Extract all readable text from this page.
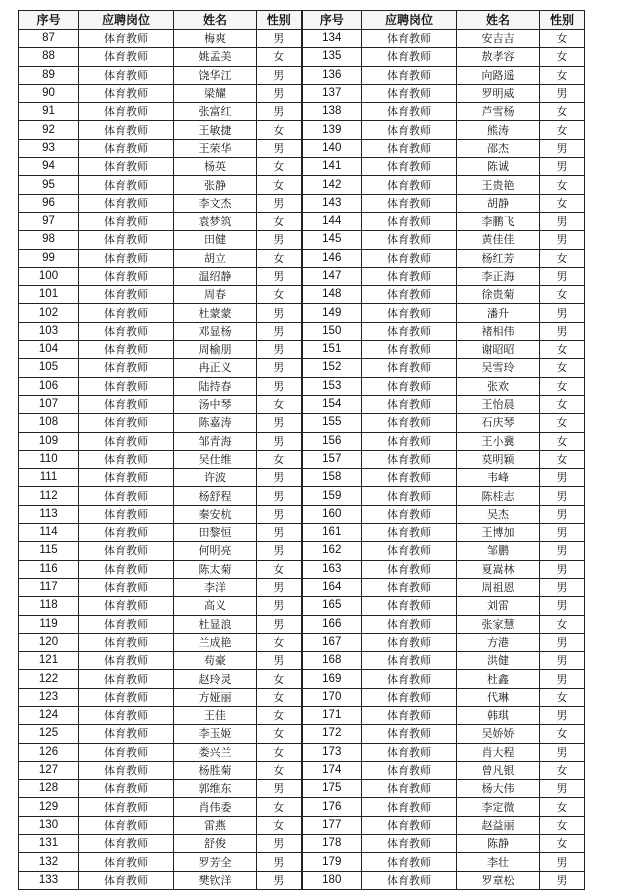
序号	应聘岗位	姓名	性别	序号	应聘岗位	姓名	性别
87	体育教师	梅爽	男	134	体育教师	安吉吉	女
88	体育教师	姚孟美	女	135	体育教师	敖孝容	女
89	体育教师	饶华江	男	136	体育教师	向路遥	女
90	体育教师	梁耀	男	137	体育教师	罗明威	男
91	体育教师	张富红	男	138	体育教师	芦雪杨	女
92	体育教师	王敏捷	女	139	体育教师	熊涛	女
93	体育教师	王荣华	男	140	体育教师	邵杰	男
94	体育教师	杨英	女	141	体育教师	陈诚	男
95	体育教师	张静	女	142	体育教师	王贵艳	女
96	体育教师	李文杰	男	143	体育教师	胡静	女
97	体育教师	袁梦筑	女	144	体育教师	李鹏飞	男
98	体育教师	田健	男	145	体育教师	黄佳佳	男
99	体育教师	胡立	女	146	体育教师	杨红芳	女
100	体育教师	温绍静	男	147	体育教师	李正海	男
101	体育教师	周春	女	148	体育教师	徐贵菊	女
102	体育教师	杜蒙蒙	男	149	体育教师	潘升	男
103	体育教师	邓显杨	男	150	体育教师	褚相伟	男
104	体育教师	周榆朋	男	151	体育教师	谢昭昭	女
105	体育教师	冉正义	男	152	体育教师	吴雪玲	女
106	体育教师	陆持春	男	153	体育教师	张欢	女
107	体育教师	汤中琴	女	154	体育教师	王怡晨	女
108	体育教师	陈嘉涛	男	155	体育教师	石庆琴	女
109	体育教师	邹青海	男	156	体育教师	王小冀	女
110	体育教师	吴仕维	女	157	体育教师	莫明颖	女
111	体育教师	许波	男	158	体育教师	韦峰	男
112	体育教师	杨舒程	男	159	体育教师	陈桂志	男
113	体育教师	秦安杭	男	160	体育教师	吴杰	男
114	体育教师	田黎恒	男	161	体育教师	王博加	男
115	体育教师	何明亮	男	162	体育教师	邹鹏	男
116	体育教师	陈太菊	女	163	体育教师	夏嵩林	男
117	体育教师	李洋	男	164	体育教师	周祖恩	男
118	体育教师	高义	男	165	体育教师	刘雷	男
119	体育教师	杜显浪	男	166	体育教师	张家慧	女
120	体育教师	兰成艳	女	167	体育教师	方港	男
121	体育教师	苟豪	男	168	体育教师	洪健	男
122	体育教师	赵玲灵	女	169	体育教师	杜鑫	男
123	体育教师	方娅丽	女	170	体育教师	代琳	女
124	体育教师	王佳	女	171	体育教师	韩琪	男
125	体育教师	李玉姬	女	172	体育教师	吴娇娇	女
126	体育教师	娄兴兰	女	173	体育教师	肖大程	男
127	体育教师	杨胜菊	女	174	体育教师	曾凡银	女
128	体育教师	郭维东	男	175	体育教师	杨大伟	男
129	体育教师	肖伟委	女	176	体育教师	李定微	女
130	体育教师	雷燕	女	177	体育教师	赵益丽	女
131	体育教师	舒俊	男	178	体育教师	陈静	女
132	体育教师	罗芳全	男	179	体育教师	李壮	男
133	体育教师	樊钦洋	男	180	体育教师	罗章松	男
